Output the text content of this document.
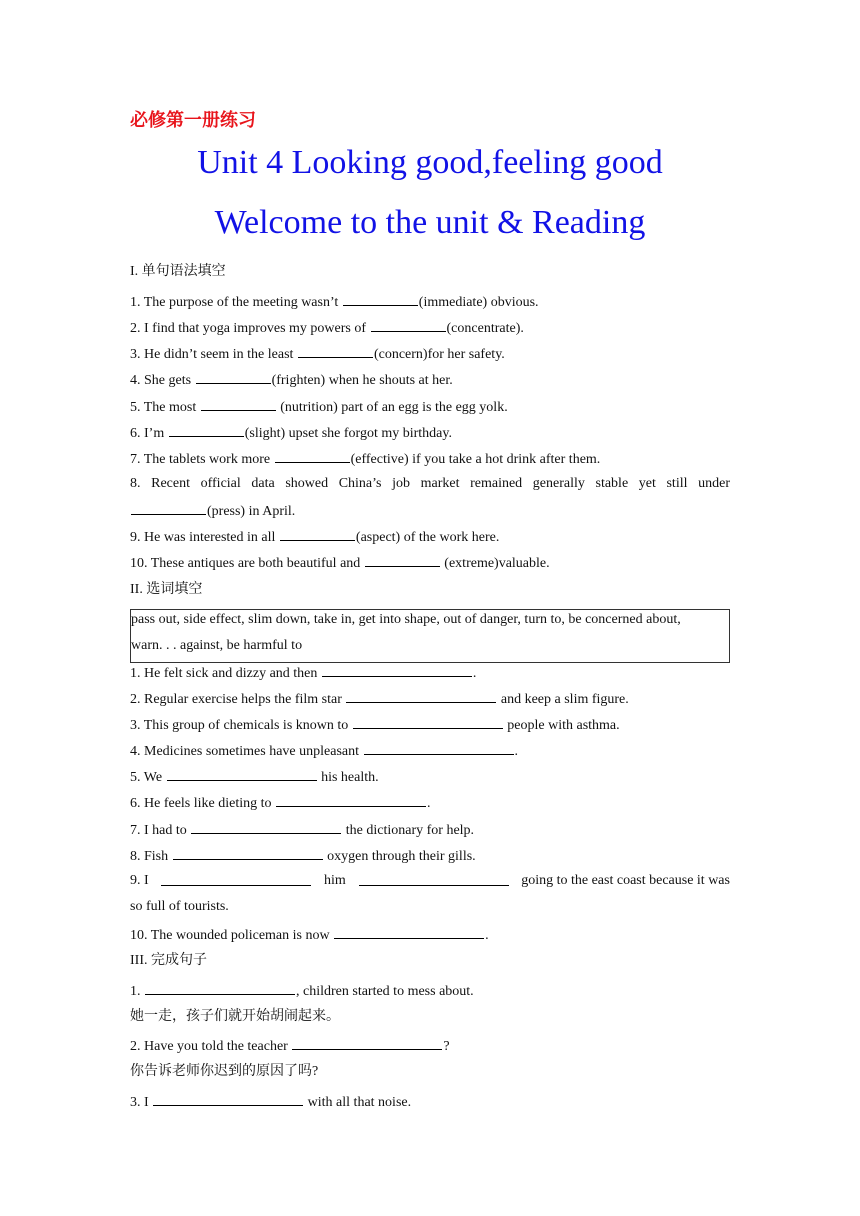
必修第一册练习
Unit 4 Looking good,feeling good
Welcome to the unit & Reading
I. 单句语法填空
1. The purpose of the meeting wasn’t	(immediate) obvious.
2. I find that yoga improves my powers of	(concentrate).
3. He didn’t seem in the least	(concern)for her safety.
4. She gets	(frighten) when he shouts at her.
5. The most	(nutrition) part of an egg is the egg yolk.
6. I’m	(slight) upset she forgot my birthday.
7. The tablets work more	(effective) if you take a hot drink after them.
8. Recent official data showed China’s job market remained generally stable yet still under
(press) in April.
9. He was interested in all	(aspect) of the work here.
10. These antiques are both beautiful and	(extreme)valuable.
II. 选词填空
pass out, side effect, slim down, take in, get into shape, out of danger, turn to, be concerned about,
warn. . . against, be harmful to
1. He felt sick and dizzy and then	.
2. Regular exercise helps the film star	and keep a slim figure.
3. This group of chemicals is known to	people with asthma.
4. Medicines sometimes have unpleasant	.
5. We	his health.
6. He feels like dieting to	.
7. I had to	the dictionary for help.
8. Fish	oxygen through their gills.
9. I	him	going to the east coast because it was
so full of tourists.
10. The wounded policeman is now	.
III. 完成句子
1.	, children started to mess about.
她一走，孩子们就开始胡闹起来。
2. Have you told the teacher	?
你告诉老师你迟到的原因了吗?
3. I	with all that noise.
